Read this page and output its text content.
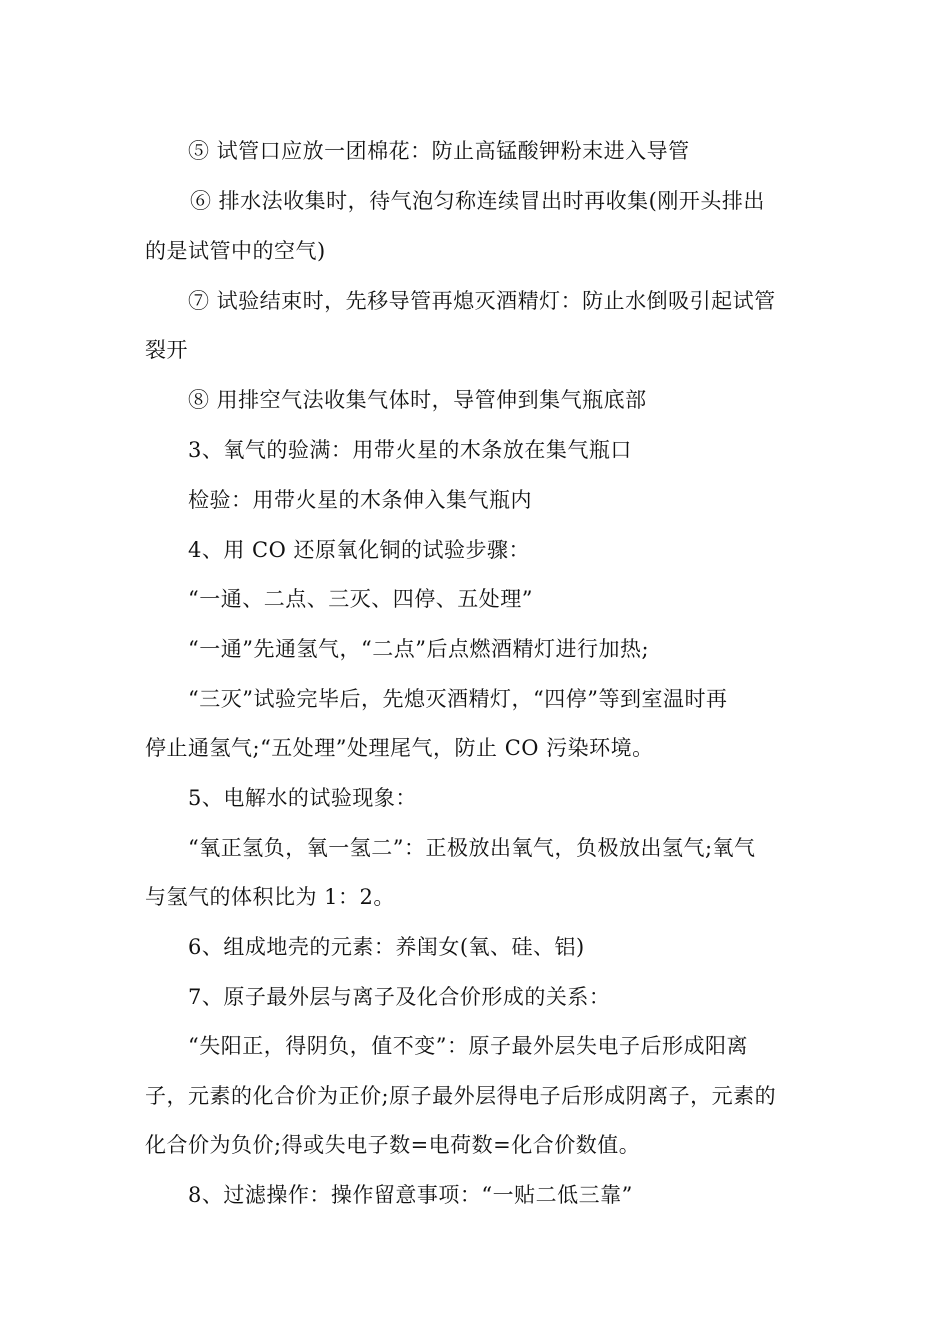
⑤ 试管口应放一团棉花：防止高锰酸钾粉末进入导管
⑥ 排水法收集时，待气泡匀称连续冒出时再收集(刚开头排出
的是试管中的空气)
⑦ 试验结束时，先移导管再熄灭酒精灯：防止水倒吸引起试管
裂开
⑧ 用排空气法收集气体时，导管伸到集气瓶底部
3、氧气的验满：用带火星的木条放在集气瓶口
检验：用带火星的木条伸入集气瓶内
4、用 CO 还原氧化铜的试验步骤：
“一通、二点、三灭、四停、五处理”
“一通”先通氢气，“二点”后点燃酒精灯进行加热;
“三灭”试验完毕后，先熄灭酒精灯，“四停”等到室温时再
停止通氢气;“五处理”处理尾气，防止 CO 污染环境。
5、电解水的试验现象：
“氧正氢负，氧一氢二”：正极放出氧气，负极放出氢气;氧气
与氢气的体积比为 1：2。
6、组成地壳的元素：养闺女(氧、硅、铝)
7、原子最外层与离子及化合价形成的关系：
“失阳正，得阴负，值不变”：原子最外层失电子后形成阳离
子，元素的化合价为正价;原子最外层得电子后形成阴离子，元素的
化合价为负价;得或失电子数=电荷数=化合价数值。
8、过滤操作：操作留意事项：“一贴二低三靠”
